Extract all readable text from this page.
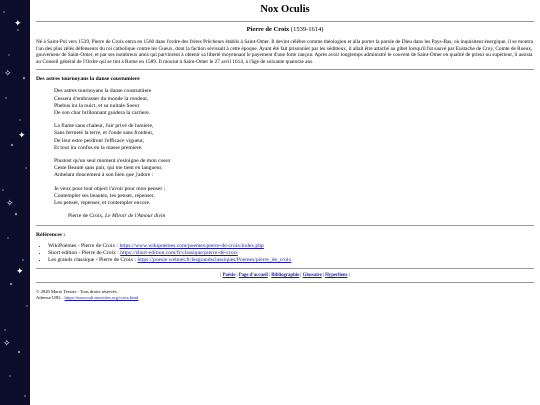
✦
✧
✦
✧
✦
✧
Nox Oculis
Pierre de Croix (1539-1614)

Né à Saint-Pol vers 1539, Pierre de Croix entra en 1560 dans l'ordre des frères Prêcheurs établis à Saint-Omer. Il devint célèbre comme théologien et alla porter la parole de Dieu dans les Pays-Bas, où inquisiteur énergique, il se montra l'un des plus zélés défenseurs du roi catholique contre les Gueux, dont la faction sévissait à cette époque. Ayant été fait prisonnier par les séditieux, il allait être attaché au gibet lorsqu'il fut sauvé par Eustache de Croy, Comte de Roeux, gouverneur de Saint-Omer, et par ses nombreux amis qui parvinrent à obtenir sa liberté moyennant le payement d'une forte rançon. Après avoir longtemps administré le couvent de Saint-Omer en qualité de prieur ou supérieur, il assista au Conseil général de l'Ordre qui se tint à Rome en 1589. Il mourut à Saint-Omer le 27 avril 1614, à l'âge de soixante quatorze ans.

Des astres tournoyans la danse coustumiere
Des astres tournoyans la danse coustumiere
Cessera d'embrasser du monde la rondeur,
Phebus ira la nuict, et sa nuitale Soeur
De son char brillonnant guidera la carriere.
La flame sans chaleur, l'air privé de lumiere,
Sans fermeté la terre, et l'onde sans froideur,
De leur estre perdront l'efficace vigueur,
Et tout ira confus en la masse premiere.
Plustost qu'un seul moment s'esloigne de mon coeur
Ceste Beauté sans pair, qui me tient en langueur,
Anhelant doucement à son bien que j'adore :
Je veux pour tout object l'avoir pour mon penser ;
Contempler ses beautez, les penser, repenser,
Les penser, repenser, et contempler encore.
Pierre de Croix, Le Miroir de l'Amour divin
Références :
• WikiPoèmes - Pierre de Croix : https://www.wikipoemes.com/poemes/pierre-de-croix/index.php
• Short edition - Pierre de Croix : https://short-edition.com/fr/classique/pierre-de-croix
• Les grands classique - Pierre de Croix : https://poesie.webnet.fr/lesgrandsclassiques/Poemes/pierre_de_croix
| Poésie | Page d'accueil | Bibliographie | Glossaire | Hyperliens |
© 2020 Mario Tessier - Tous droits réservés.
Adresse URL : https://noxoculi.neocities.org/croix.html
